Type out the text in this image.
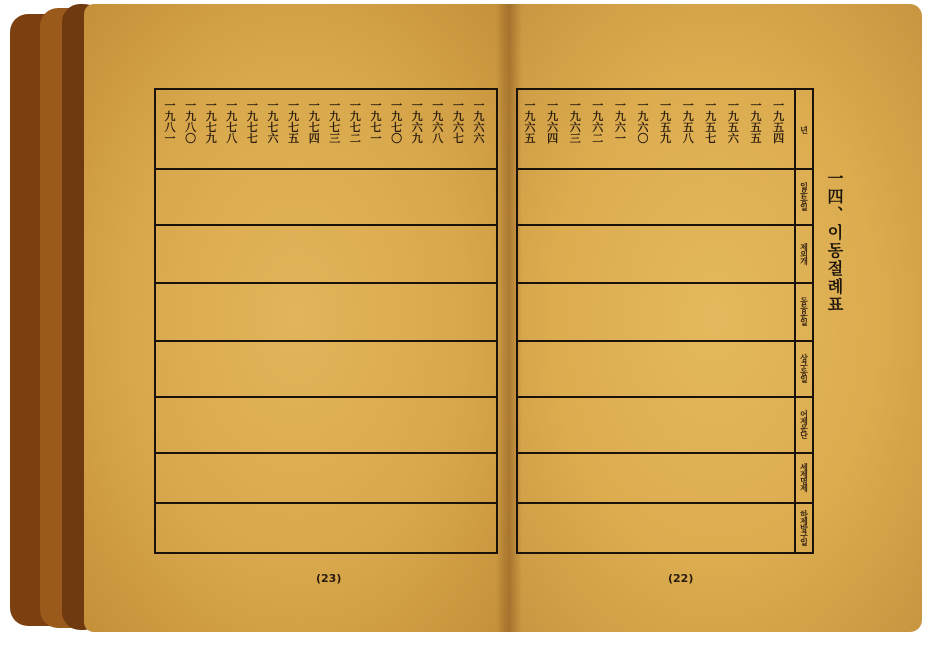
一
九
八
一
一
九
八
〇
一
九
七
九
一
九
七
八
一
九
七
七
一
九
七
六
一
九
七
五
一
九
七
四
一
九
七
三
一
九
七
二
一
九
七
一
一
九
七
〇
一
九
六
九
一
九
六
八
一
九
六
七
一
九
六
六
一
九
六
五
一
九
六
四
一
九
六
三
一
九
六
二
一
九
六
一
一
九
六
〇
一
九
五
九
一
九
五
八
一
九
五
七
一
九
五
六
一
九
五
五
一
九
五
四
년
일운동일
제외개
동동운일
상구동일
어제운단
세제명제
하제방구일
一四、이동절례표
(23)	(22)
